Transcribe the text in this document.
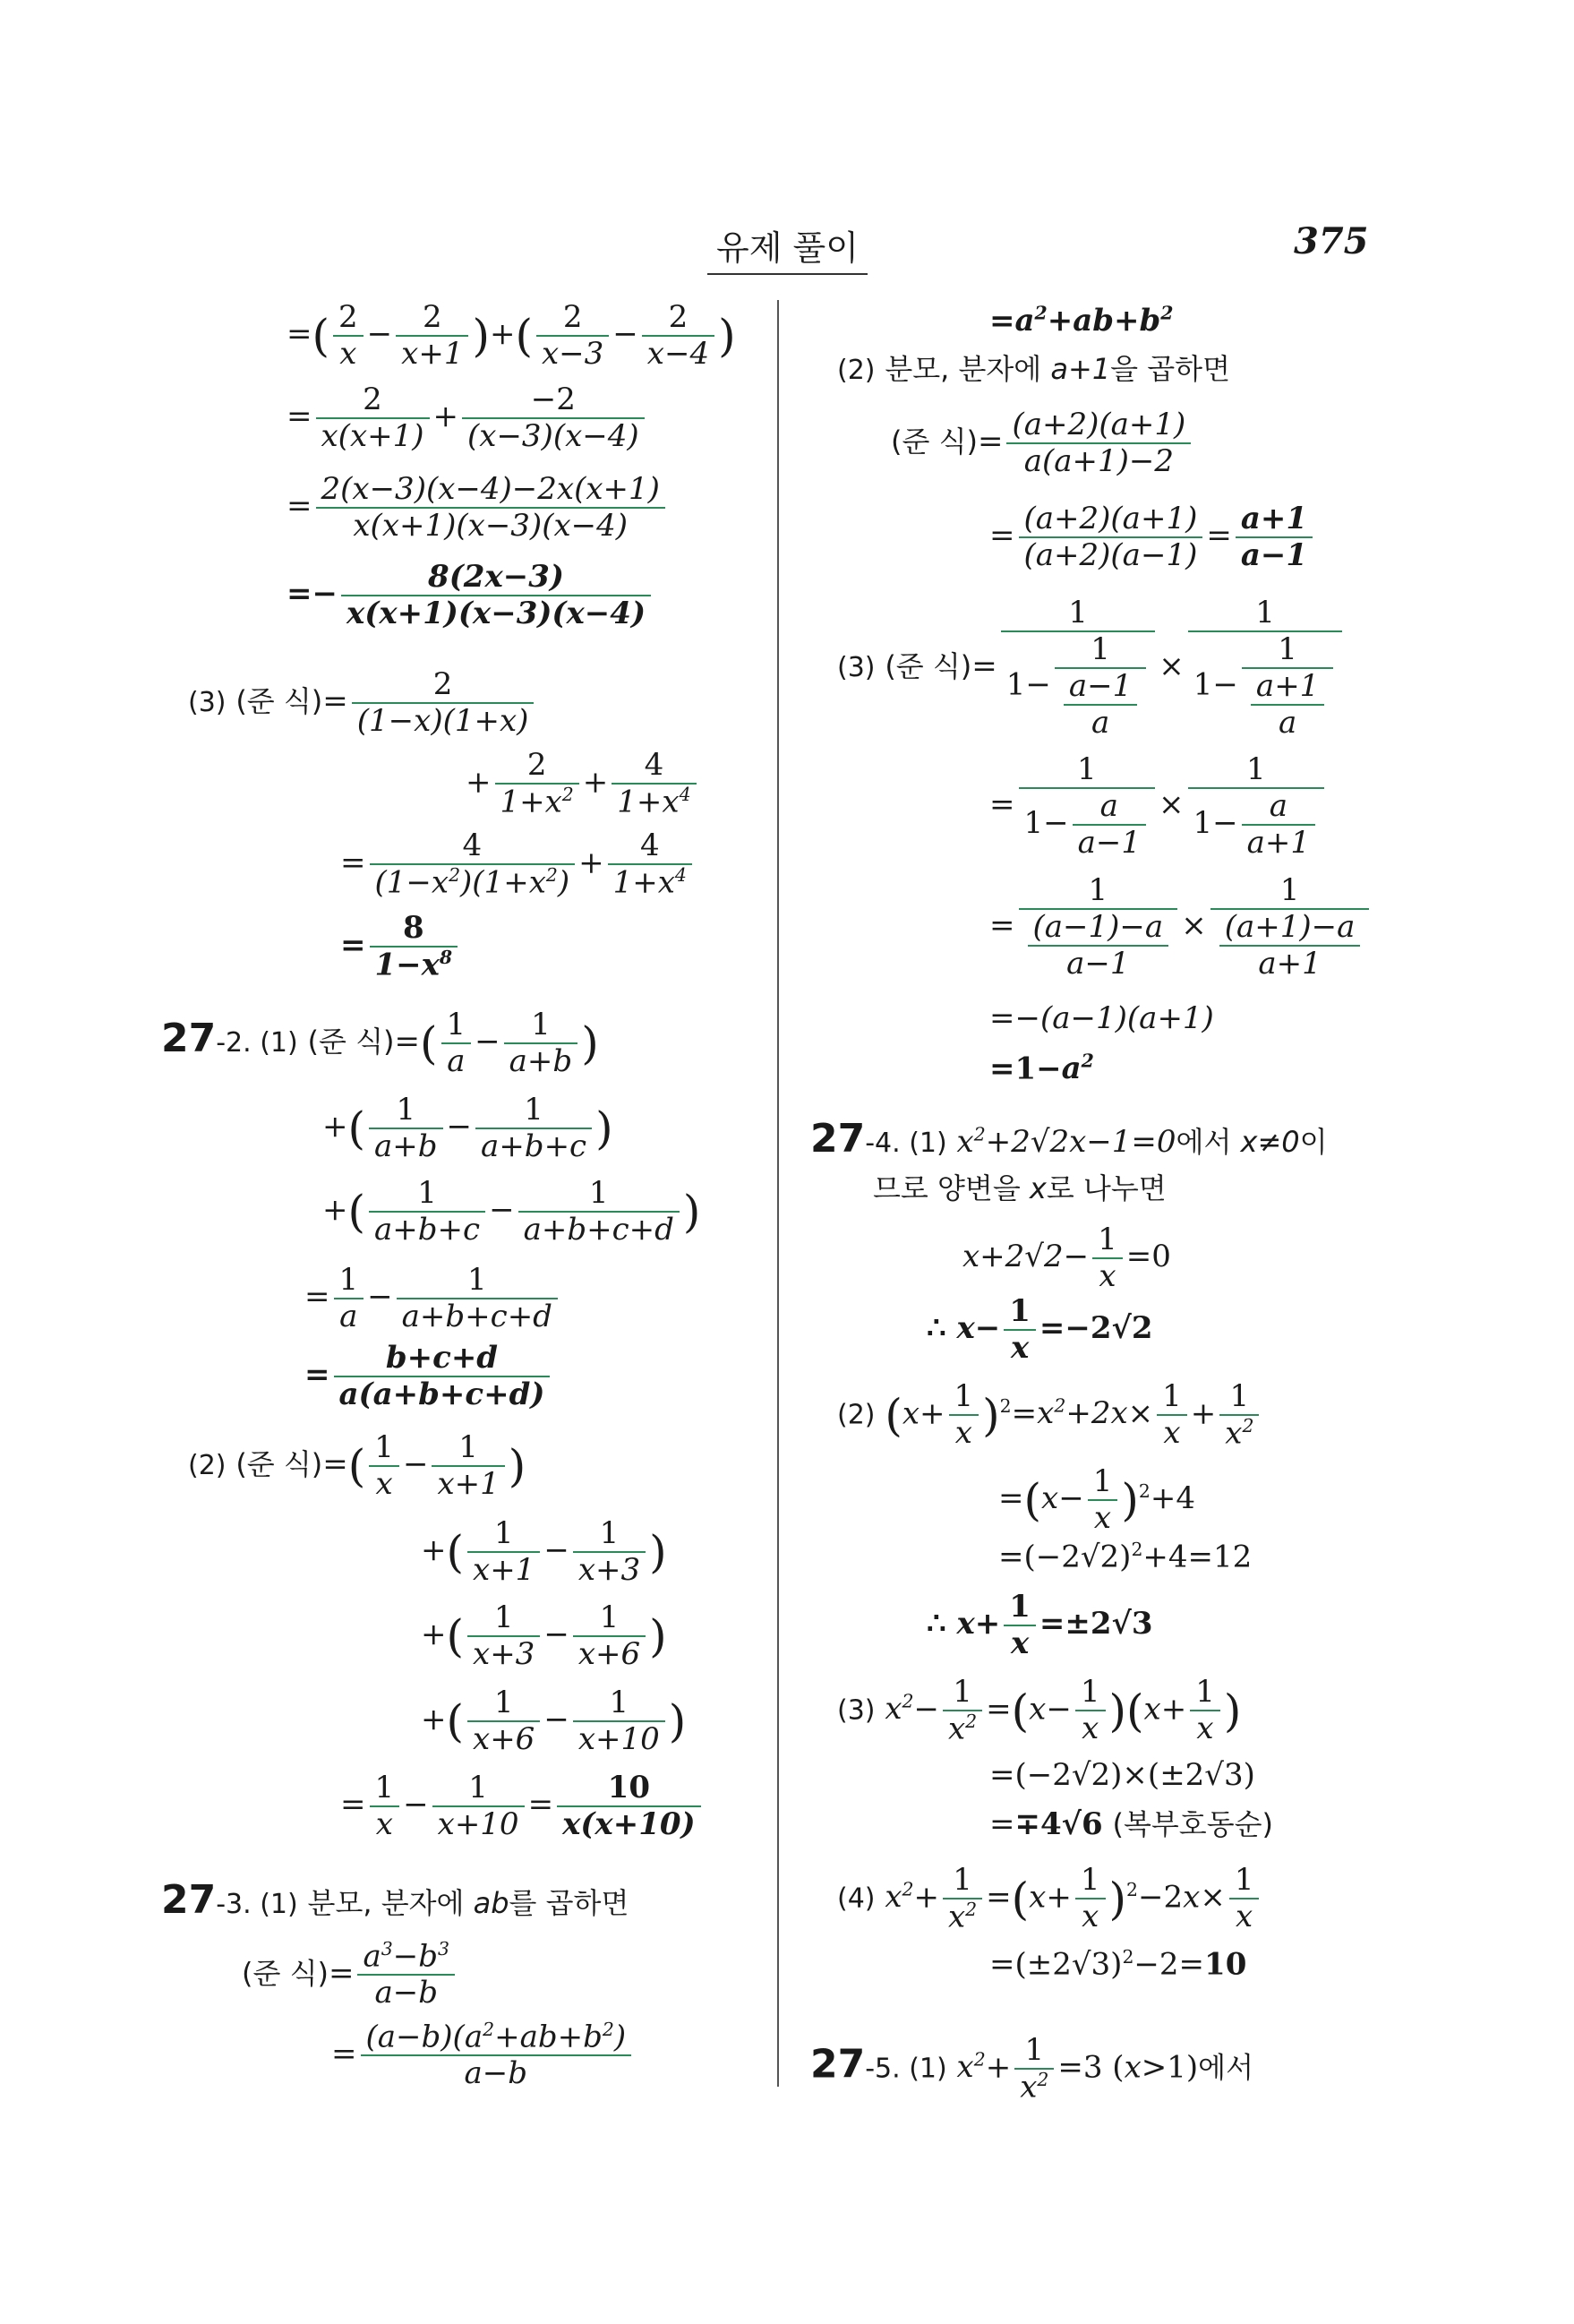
유제 풀이	375
=( $\frac{2}{x} - \frac{2}{x+1}$ )+( $\frac{2}{x-3} - \frac{2}{x-4}$ )
= $\frac{2}{x(x+1)} + \frac{-2}{(x-3)(x-4)}$
= $\frac{2(x-3)(x-4)-2x(x+1)}{x(x+1)(x-3)(x-4)}$
=− $\frac{8(2x-3)}{x(x+1)(x-3)(x-4)}$
(3) (준 식)= $\frac{2}{(1-x)(1+x)}$
+ $\frac{2}{1+x^2} + \frac{4}{1+x^4}$
= $\frac{4}{(1-x^2)(1+x^2)} + \frac{4}{1+x^4}$
= $\frac{8}{1-x^8}$
27-2. (1) (준 식)=( $\frac{1}{a} - \frac{1}{a+b}$ )
+( $\frac{1}{a+b} - \frac{1}{a+b+c}$ )
+( $\frac{1}{a+b+c} - \frac{1}{a+b+c+d}$ )
= $\frac{1}{a} - \frac{1}{a+b+c+d}$
= $\frac{b+c+d}{a(a+b+c+d)}$
(2) (준 식)=( $\frac{1}{x} - \frac{1}{x+1}$ )
+( $\frac{1}{x+1} - \frac{1}{x+3}$ )
+( $\frac{1}{x+3} - \frac{1}{x+6}$ )
+( $\frac{1}{x+6} - \frac{1}{x+10}$ )
= $\frac{1}{x} - \frac{1}{x+10} = \frac{10}{x(x+10)}$
27-3. (1) 분모, 분자에 ab를 곱하면
(준 식)= $\frac{a^3-b^3}{a-b}$
= $\frac{(a-b)(a^2+ab+b^2)}{a-b}$
$=a^2+ab+b^2$
(2) 분모, 분자에 a+1을 곱하면
(준 식)= $\frac{(a+2)(a+1)}{a(a+1)-2}$
= $\frac{(a+2)(a+1)}{(a+2)(a-1)} = \frac{a+1}{a-1}$
(3) (준 식)= $\frac{1}{1- \frac{1}{\frac{a-1}{a}}} \times \frac{1}{1- \frac{1}{\frac{a+1}{a}}}$
= $\frac{1}{1- \frac{a}{a-1}} \times \frac{1}{1- \frac{a}{a+1}}$
= $\frac{1}{\frac{(a-1)-a}{a-1}} \times \frac{1}{\frac{(a+1)-a}{a+1}}$
=−(a−1)(a+1)
$=1-a^2$
27-4. (1) $x^2+2√2x-1=0$에서 x≠0이
므로 양변을 x로 나누면
$x+2√2- \frac{1}{x} =0$
∴ $x- \frac{1}{x} =-2√2$
(2) $(x+ \frac{1}{x} )^2=x^2+2x\times \frac{1}{x} + \frac{1}{x^2}$
$=(x- \frac{1}{x} )^2+4$
$=(-2√2)^2+4=12$
∴ $x+ \frac{1}{x} =\pm 2√3$
(3) $x^2- \frac{1}{x^2} =(x- \frac{1}{x} )(x+ \frac{1}{x}$ )
=(−2√2)×(±2√3)
=∓4√6 (복부호동순)
(4) $x^2+ \frac{1}{x^2} =(x+ \frac{1}{x} )^2-2x\times \frac{1}{x}$
$=(\pm 2√3)^2-2=10$
27-5. (1) $x^2+ \frac{1}{x^2} =3$ (x>1)에서
